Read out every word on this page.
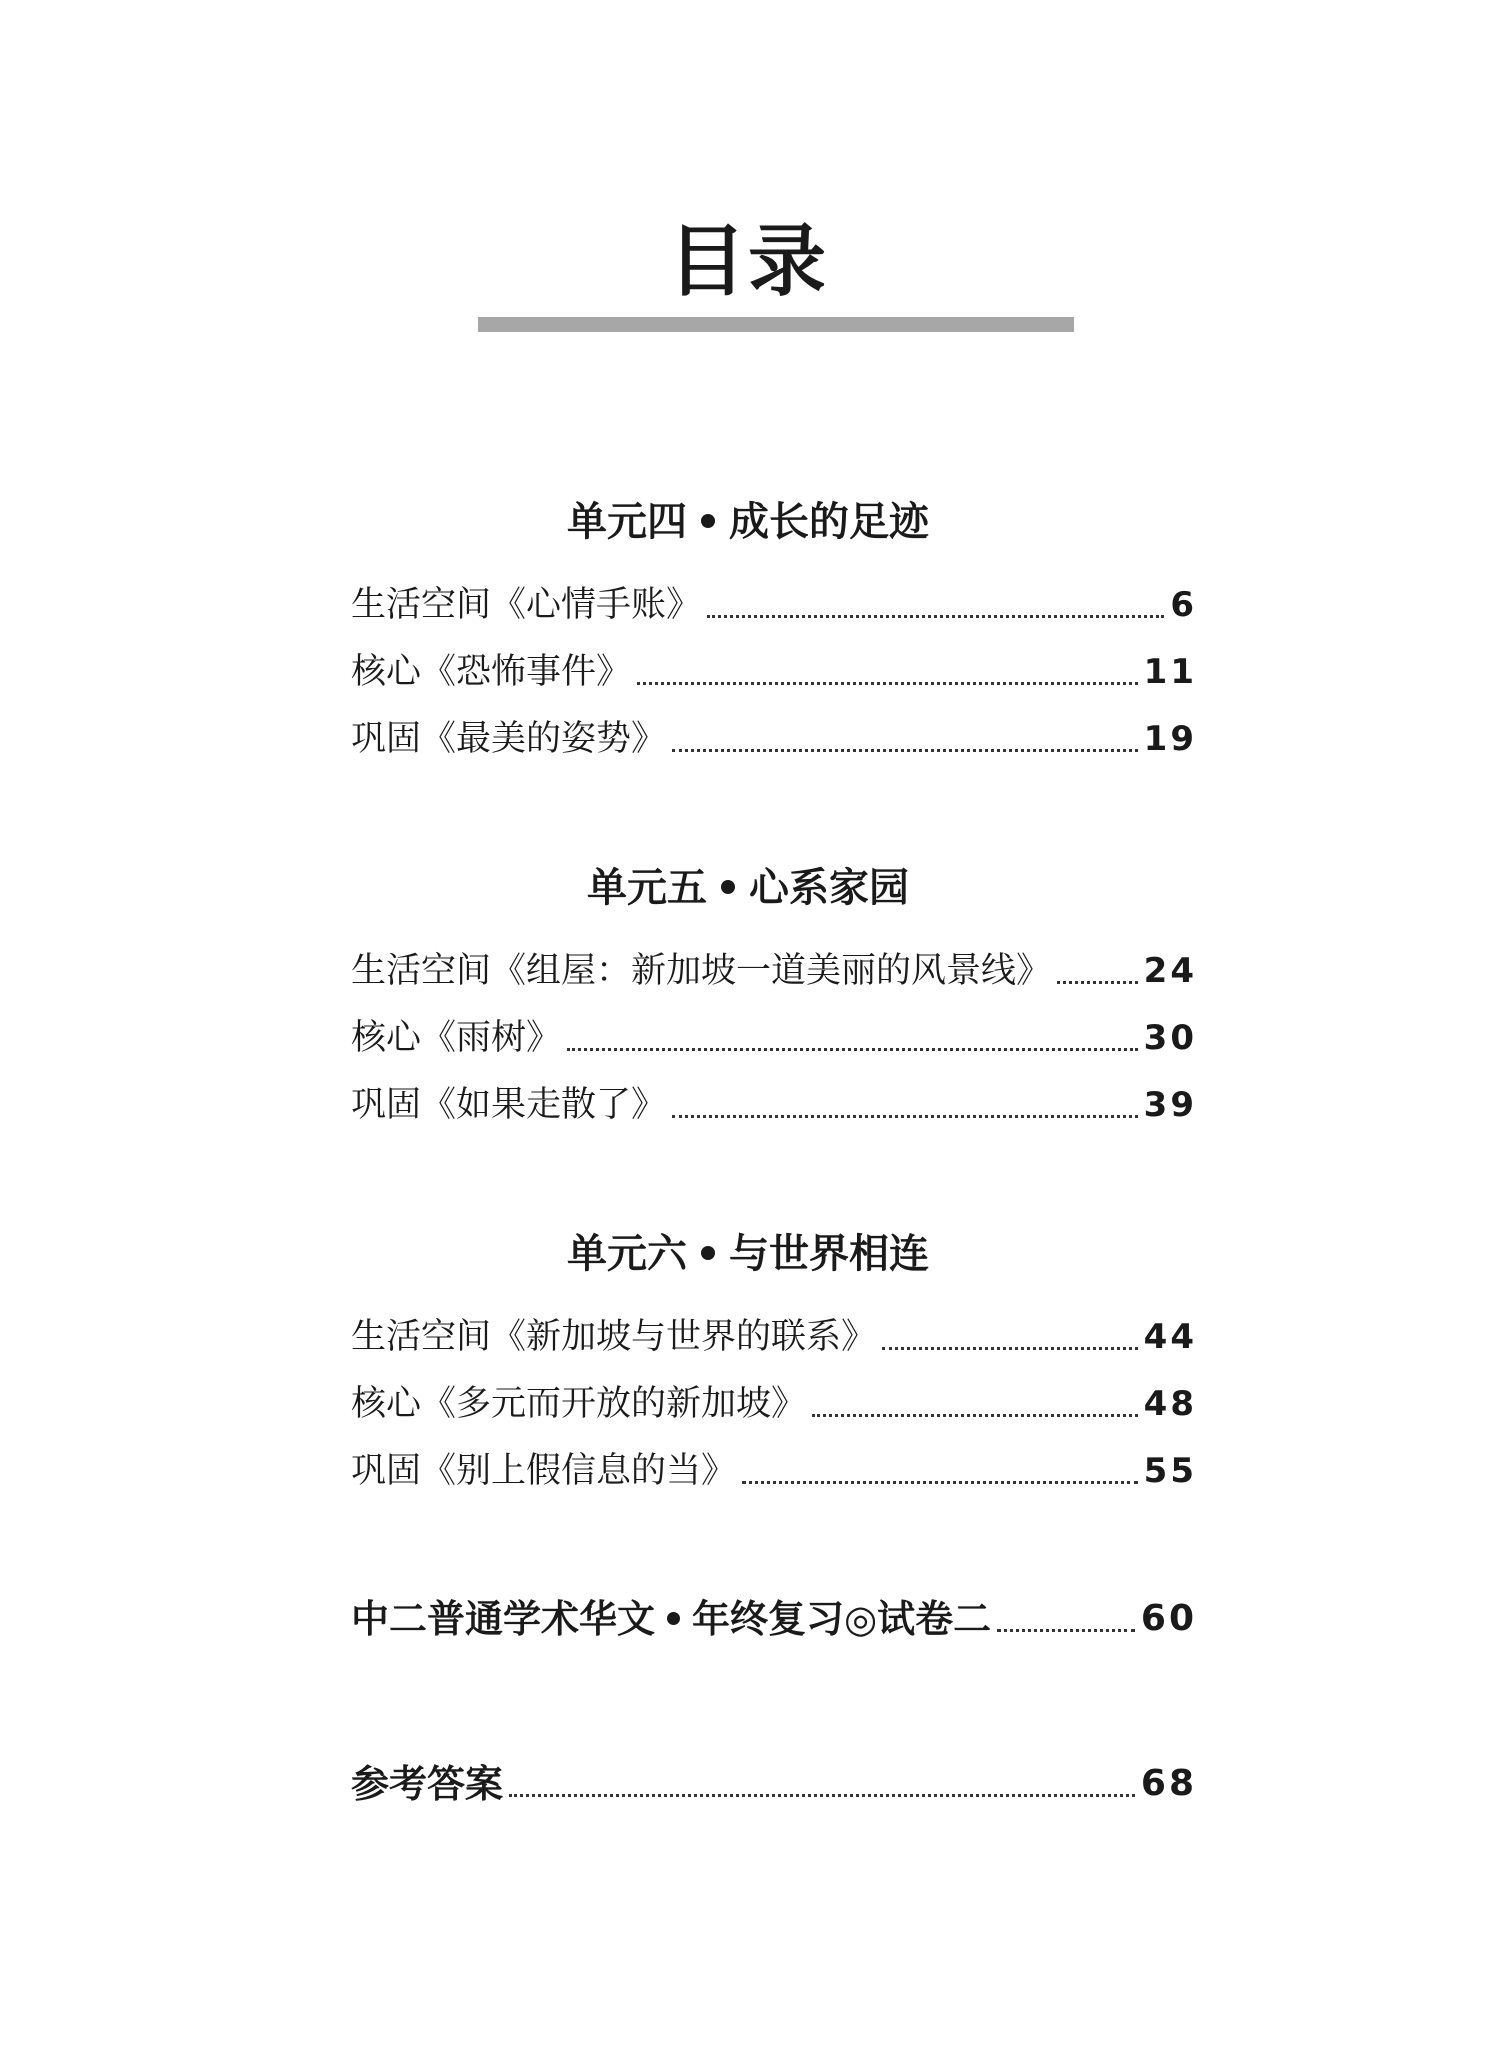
目录
单元四 成长的足迹
生活空间《心情手账》	6
核心《恐怖事件》	11
巩固《最美的姿势》	19
单元五 心系家园
生活空间《组屋：新加坡一道美丽的风景线》	24
核心《雨树》	30
巩固《如果走散了》	39
单元六 与世界相连
生活空间《新加坡与世界的联系》	44
核心《多元而开放的新加坡》	48
巩固《别上假信息的当》	55
中二普通学术华文 年终复习◎试卷二	60
参考答案	68
